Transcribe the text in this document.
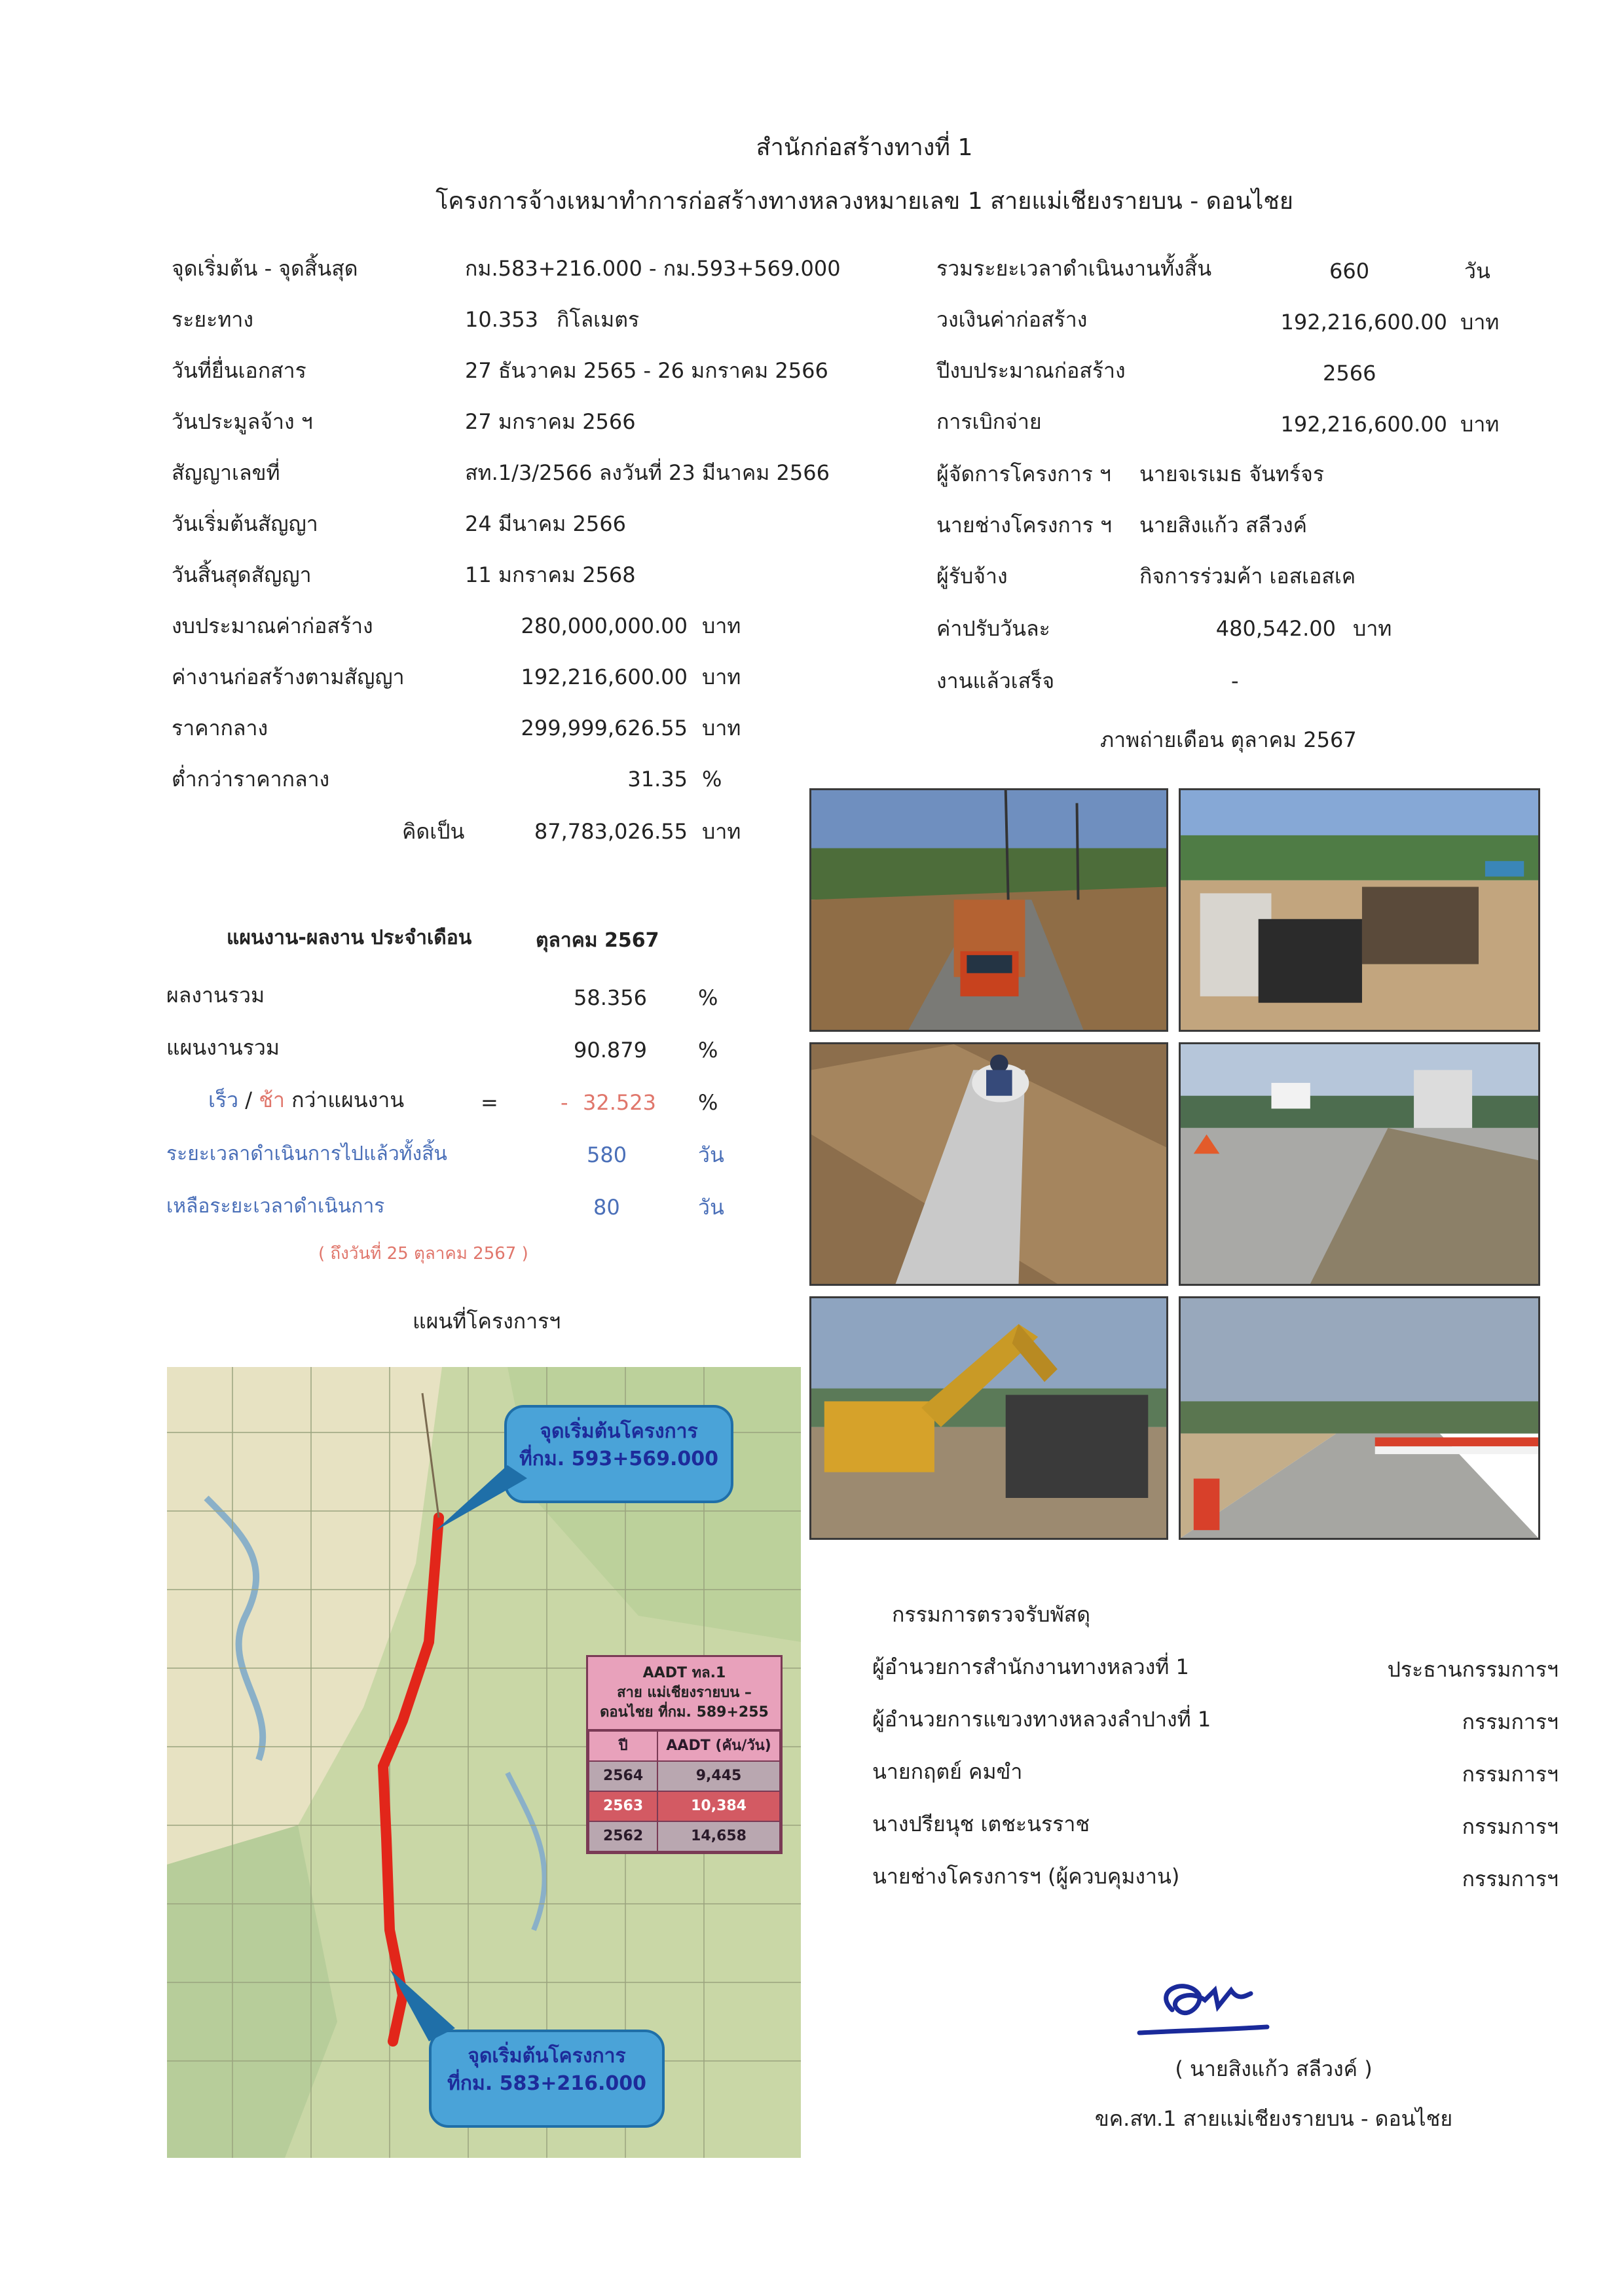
สำนักก่อสร้างทางที่ 1
โครงการจ้างเหมาทำการก่อสร้างทางหลวงหมายเลข 1 สายแม่เชียงรายบน - ดอนไชย
จุดเริ่มต้น - จุดสิ้นสุด	กม.583+216.000 - กม.593+569.000
ระยะทาง	10.353 กิโลเมตร
วันที่ยื่นเอกสาร	27 ธันวาคม 2565 - 26 มกราคม 2566
วันประมูลจ้าง ฯ	27 มกราคม 2566
สัญญาเลขที่	สท.1/3/2566 ลงวันที่ 23 มีนาคม 2566
วันเริ่มต้นสัญญา	24 มีนาคม 2566
วันสิ้นสุดสัญญา	11 มกราคม 2568
งบประมาณค่าก่อสร้าง	280,000,000.00 บาท
ค่างานก่อสร้างตามสัญญา	192,216,600.00 บาท
ราคากลาง	299,999,626.55 บาท
ต่ำกว่าราคากลาง	31.35 %
คิดเป็น	87,783,026.55 บาท
รวมระยะเวลาดำเนินงานทั้งสิ้น	660	วัน
วงเงินค่าก่อสร้าง	192,216,600.00 บาท
ปีงบประมาณก่อสร้าง	2566
การเบิกจ่าย	192,216,600.00 บาท
ผู้จัดการโครงการ ฯ นายจเรเมธ จันทร์จร
นายช่างโครงการ ฯ นายสิงแก้ว สลีวงค์
ผู้รับจ้าง	กิจการร่วมค้า เอสเอสเค
ค่าปรับวันละ	480,542.00 บาท
งานแล้วเสร็จ	-
แผนงาน-ผลงาน ประจำเดือน	ตุลาคม 2567
ผลงานรวม	58.356 %
แผนงานรวม	90.879 %
เร็ว / ช้า กว่าแผนงาน	=	- 32.523 %
ระยะเวลาดำเนินการไปแล้วทั้งสิ้น	580	วัน
เหลือระยะเวลาดำเนินการ	80	วัน
( ถึงวันที่ 25 ตุลาคม 2567 )
ภาพถ่ายเดือน ตุลาคม 2567
แผนที่โครงการฯ
จุดเริ่มต้นโครงการ
ที่กม. 593+569.000
จุดเริ่มต้นโครงการ
ที่กม. 583+216.000
AADT ทล.1
สาย แม่เชียงรายบน –
ดอนไชย ที่กม. 589+255
ปี	AADT (คัน/วัน)
2564	9,445
2563	10,384
2562	14,658
กรรมการตรวจรับพัสดุ
ผู้อำนวยการสำนักงานทางหลวงที่ 1	ประธานกรรมการฯ
ผู้อำนวยการแขวงทางหลวงลำปางที่ 1	กรรมการฯ
นายกฤตย์ คมขำ	กรรมการฯ
นางปรียนุช เตชะนรราช	กรรมการฯ
นายช่างโครงการฯ (ผู้ควบคุมงาน)	กรรมการฯ
( นายสิงแก้ว สลีวงค์ )
ขค.สท.1 สายแม่เชียงรายบน - ดอนไชย
